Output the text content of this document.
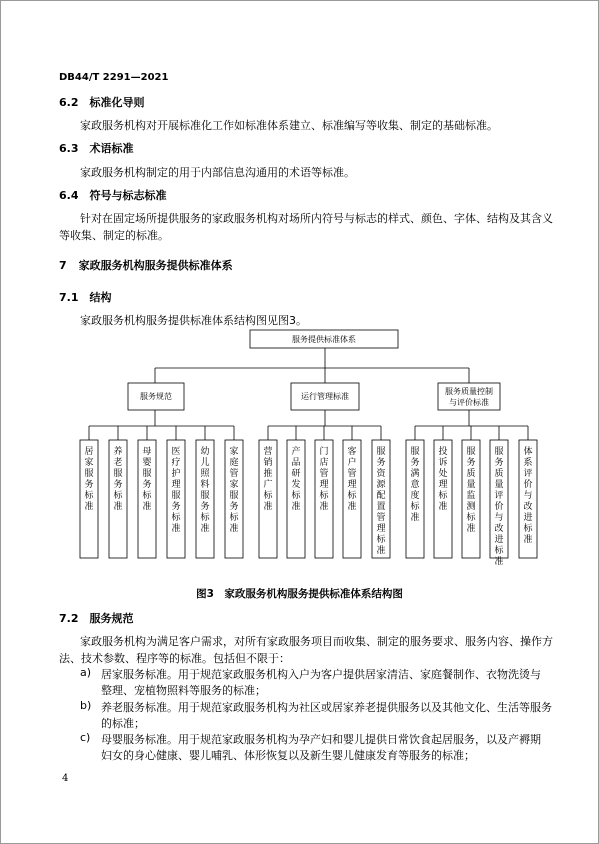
DB44/T 2291—2021
6.2 标准化导则
家政服务机构对开展标准化工作如标准体系建立、标准编写等收集、制定的基础标准。
6.3 术语标准
家政服务机构制定的用于内部信息沟通用的术语等标准。
6.4 符号与标志标准
针对在固定场所提供服务的家政服务机构对场所内符号与标志的样式、颜色、字体、结构及其含义
等收集、制定的标准。
7 家政服务机构服务提供标准体系
7.1 结构
家政服务机构服务提供标准体系结构图见图3。
服务提供标准体系
服务规范	运行管理标准
服务质量控制
与评价标准
居家服务标准
养老服务标准
母婴服务标准
医疗护理服务标准
幼儿照料服务标准
家庭管家服务标准
营销推广标准
产品研发标准
门店管理标准
客户管理标准
服务资源配置管理标准
服务满意度标准
投诉处理标准
服务质量监测标准
服务质量评价与改进标准
体系评价与改进标准
图3　家政服务机构服务提供标准体系结构图
7.2 服务规范
家政服务机构为满足客户需求，对所有家政服务项目而收集、制定的服务要求、服务内容、操作方
法、技术参数、程序等的标准。包括但不限于：
a) 居家服务标准。用于规范家政服务机构入户为客户提供居家清洁、家庭餐制作、衣物洗烫与
整理、宠植物照料等服务的标准；
b) 养老服务标准。用于规范家政服务机构为社区或居家养老提供服务以及其他文化、生活等服务
的标准；
c) 母婴服务标准。用于规范家政服务机构为孕产妇和婴儿提供日常饮食起居服务，以及产褥期
妇女的身心健康、婴儿哺乳、体形恢复以及新生婴儿健康发育等服务的标准；
4
